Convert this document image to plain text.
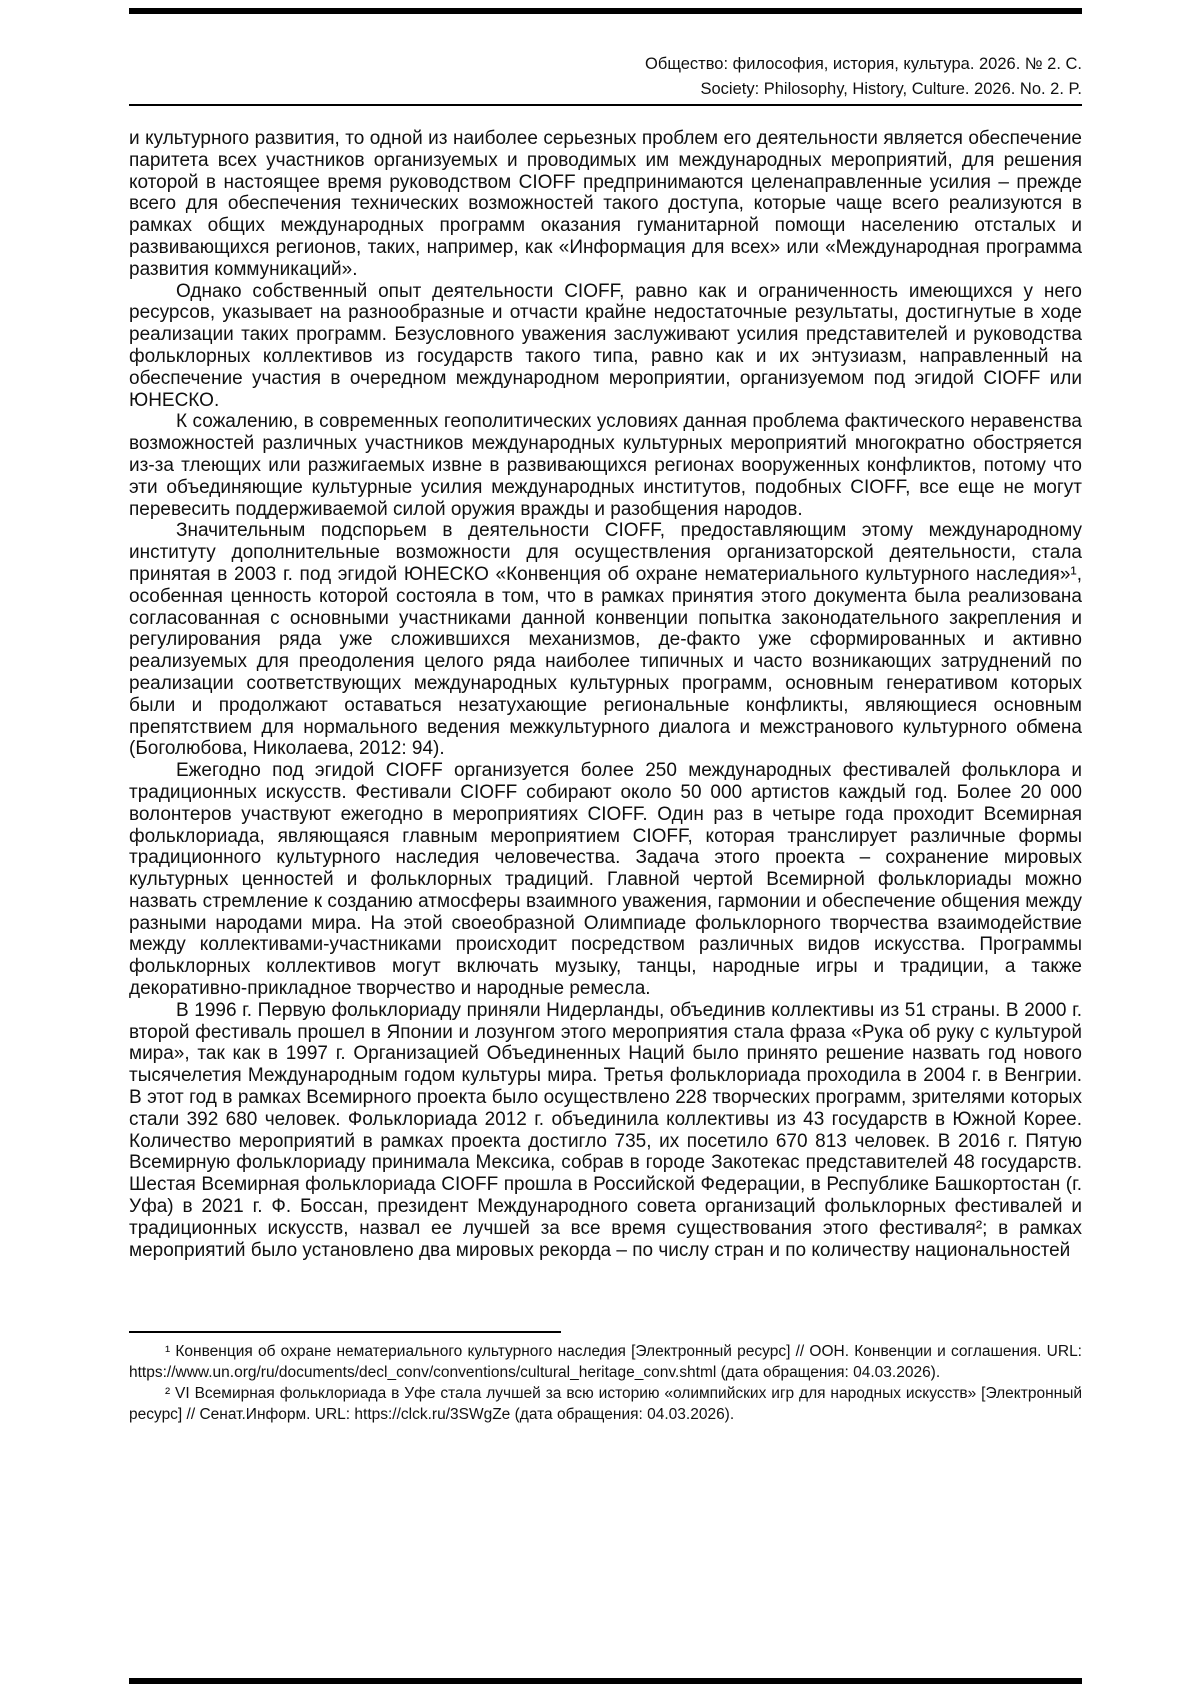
Общество: философия, история, культура. 2026. № 2. С.
Society: Philosophy, History, Culture. 2026. No. 2. P.

и культурного развития, то одной из наиболее серьезных проблем его деятельности является обеспечение паритета всех участников организуемых и проводимых им международных мероприятий, для решения которой в настоящее время руководством CIOFF предпринимаются целенаправленные усилия – прежде всего для обеспечения технических возможностей такого доступа, которые чаще всего реализуются в рамках общих международных программ оказания гуманитарной помощи населению отсталых и развивающихся регионов, таких, например, как «Информация для всех» или «Международная программа развития коммуникаций».

Однако собственный опыт деятельности CIOFF, равно как и ограниченность имеющихся у него ресурсов, указывает на разнообразные и отчасти крайне недостаточные результаты, достигнутые в ходе реализации таких программ. Безусловного уважения заслуживают усилия представителей и руководства фольклорных коллективов из государств такого типа, равно как и их энтузиазм, направленный на обеспечение участия в очередном международном мероприятии, организуемом под эгидой CIOFF или ЮНЕСКО.

К сожалению, в современных геополитических условиях данная проблема фактического неравенства возможностей различных участников международных культурных мероприятий многократно обостряется из-за тлеющих или разжигаемых извне в развивающихся регионах вооруженных конфликтов, потому что эти объединяющие культурные усилия международных институтов, подобных CIOFF, все еще не могут перевесить поддерживаемой силой оружия вражды и разобщения народов.

Значительным подспорьем в деятельности CIOFF, предоставляющим этому международному институту дополнительные возможности для осуществления организаторской деятельности, стала принятая в 2003 г. под эгидой ЮНЕСКО «Конвенция об охране нематериального культурного наследия»¹, особенная ценность которой состояла в том, что в рамках принятия этого документа была реализована согласованная с основными участниками данной конвенции попытка законодательного закрепления и регулирования ряда уже сложившихся механизмов, де-факто уже сформированных и активно реализуемых для преодоления целого ряда наиболее типичных и часто возникающих затруднений по реализации соответствующих международных культурных программ, основным генеративом которых были и продолжают оставаться незатухающие региональные конфликты, являющиеся основным препятствием для нормального ведения межкультурного диалога и межстранового культурного обмена (Боголюбова, Николаева, 2012: 94).

Ежегодно под эгидой CIOFF организуется более 250 международных фестивалей фольклора и традиционных искусств. Фестивали CIOFF собирают около 50 000 артистов каждый год. Более 20 000 волонтеров участвуют ежегодно в мероприятиях CIOFF. Один раз в четыре года проходит Всемирная фольклориада, являющаяся главным мероприятием CIOFF, которая транслирует различные формы традиционного культурного наследия человечества. Задача этого проекта – сохранение мировых культурных ценностей и фольклорных традиций. Главной чертой Всемирной фольклориады можно назвать стремление к созданию атмосферы взаимного уважения, гармонии и обеспечение общения между разными народами мира. На этой своеобразной Олимпиаде фольклорного творчества взаимодействие между коллективами-участниками происходит посредством различных видов искусства. Программы фольклорных коллективов могут включать музыку, танцы, народные игры и традиции, а также декоративно-прикладное творчество и народные ремесла.

В 1996 г. Первую фольклориаду приняли Нидерланды, объединив коллективы из 51 страны. В 2000 г. второй фестиваль прошел в Японии и лозунгом этого мероприятия стала фраза «Рука об руку с культурой мира», так как в 1997 г. Организацией Объединенных Наций было принято решение назвать год нового тысячелетия Международным годом культуры мира. Третья фольклориада проходила в 2004 г. в Венгрии. В этот год в рамках Всемирного проекта было осуществлено 228 творческих программ, зрителями которых стали 392 680 человек. Фольклориада 2012 г. объединила коллективы из 43 государств в Южной Корее. Количество мероприятий в рамках проекта достигло 735, их посетило 670 813 человек. В 2016 г. Пятую Всемирную фольклориаду принимала Мексика, собрав в городе Закотекас представителей 48 государств. Шестая Всемирная фольклориада CIOFF прошла в Российской Федерации, в Республике Башкортостан (г. Уфа) в 2021 г. Ф. Боссан, президент Международного совета организаций фольклорных фестивалей и традиционных искусств, назвал ее лучшей за все время существования этого фестиваля²; в рамках мероприятий было установлено два мировых рекорда – по числу стран и по количеству национальностей

¹ Конвенция об охране нематериального культурного наследия [Электронный ресурс] // ООН. Конвенции и соглашения. URL: https://www.un.org/ru/documents/decl_conv/conventions/cultural_heritage_conv.shtml (дата обращения: 04.03.2026).

² VI Всемирная фольклориада в Уфе стала лучшей за всю историю «олимпийских игр для народных искусств» [Электронный ресурс] // Сенат.Информ. URL: https://clck.ru/3SWgZe (дата обращения: 04.03.2026).
